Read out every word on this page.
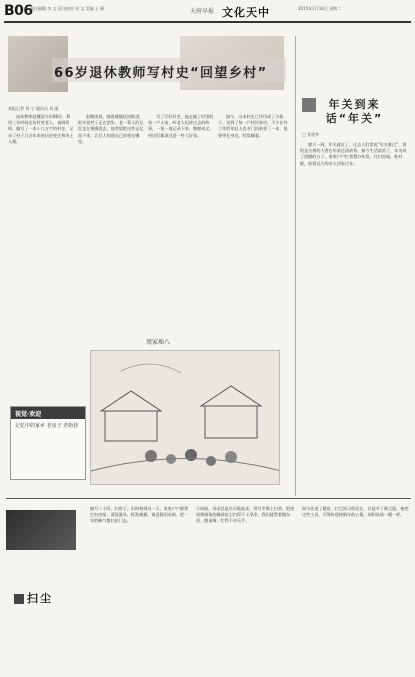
B06
责任编辑 李 文 责任校对 周 文 美编 王 静	天府早报 文化天中	2015年2月10日 星期二
66岁退休教师写村史“回望乡村”
本报记者 刘 宁 通讯员 刘 丽

退休教师赵继国今年66岁，利用三年时间走访村里老人，查阅资料，编写了一本十几万字的村史，记录了村子几百年来的历史变迁和风土人情。

赵继国说，随着城镇化的推进，很多老村子正在消失，老一辈人的记忆也在慢慢淡去，他希望把这些记忆留下来，让后人知道自己的根在哪里。

为了写好村史，他走遍了村里的每一户人家，听老人们讲过去的故事，一笔一笔记录下来，整理成文，村民们都说这是一件大好事。

如今，这本村史已经印成了小册子，送到了每一户村民家中，不少在外工作的年轻人也专门回来要了一本，说要带在身边，时常翻看。

周家埠八
视觉·欢迎
记忆中的家乡 老房子 老街巷
年关到来
话“年关”
□ 张建华

腊月一到，年关就近了。过去人们常说“年关难过”，讲的是欠债的人要在年前还清债务。如今生活富裕了，年关成了团圆的日子，家家户户忙着置办年货，打扫房屋，贴对联，盼着远方的亲人回家过年。

扫尘

腊月二十四，扫房子。旧时每到这一天，家家户户都要打扫房屋，清洗器具，拆洗被褥，寓意除旧布新，把一年的晦气都扫出门去。

小时候，母亲总是早早地起来，用竹竿绑上扫帚，把屋顶和墙角的蛛网灰尘扫得干干净净，我们就帮着搬东西、擦桌椅，忙得不亦乐乎。

如今住进了楼房，扫尘的习俗还在，只是多了吸尘器、拖把这些工具，可那份迎接新年的心情，却和从前一模一样。
